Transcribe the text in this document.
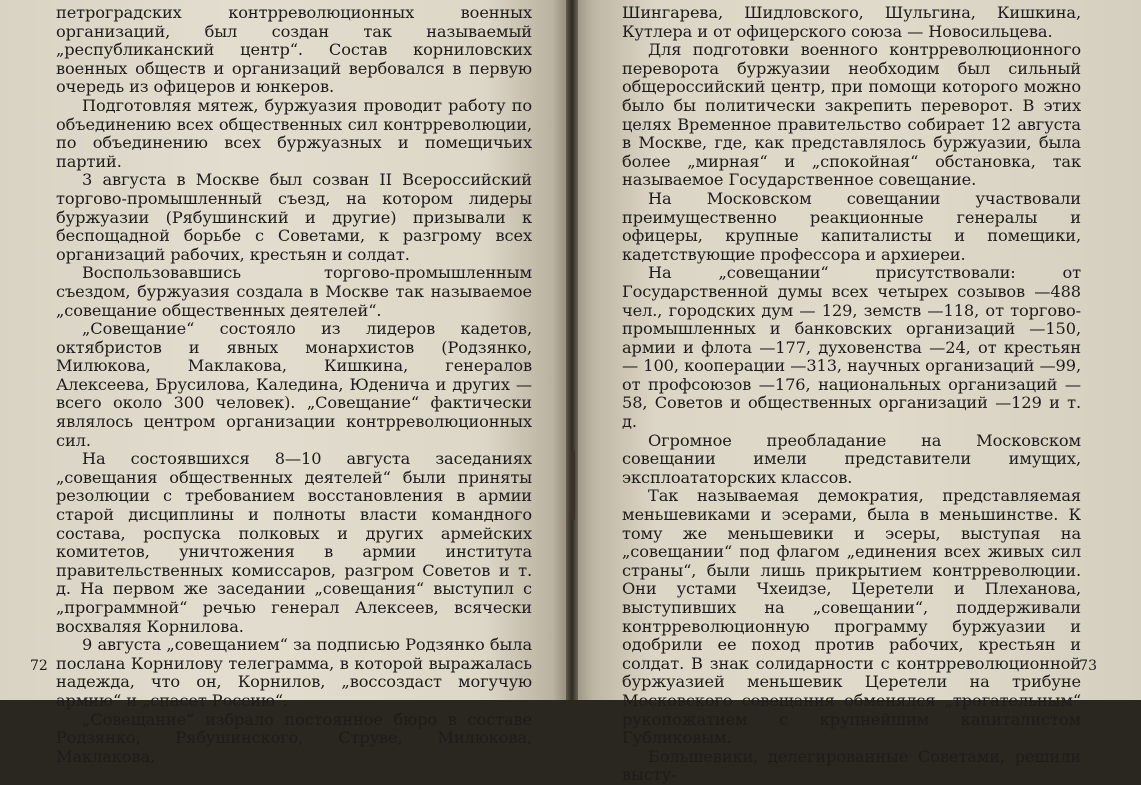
петроградских контрреволюционных военных организаций, был создан так называемый „республиканский центр“. Состав корниловских военных обществ и организаций вербовался в первую очередь из офицеров и юнкеров.

Подготовляя мятеж, буржуазия проводит работу по объединению всех общественных сил контрреволюции, по объединению всех буржуазных и помещичьих партий.

3 августа в Москве был созван II Всероссийский торгово-промышленный съезд, на котором лидеры буржуазии (Рябушинский и другие) призывали к беспощадной борьбе с Советами, к разгрому всех организаций рабочих, крестьян и солдат.

Воспользовавшись торгово-промышленным съездом, буржуазия создала в Москве так называемое „совещание общественных деятелей“.

„Совещание“ состояло из лидеров кадетов, октябристов и явных монархистов (Родзянко, Милюкова, Маклакова, Кишкина, генералов Алексеева, Брусилова, Каледина, Юденича и других — всего около 300 человек). „Совещание“ фактически являлось центром организации контрреволюционных сил.

На состоявшихся 8—10 августа заседаниях „совещания общественных деятелей“ были приняты резолюции с требованием восстановления в армии старой дисциплины и полноты власти командного состава, роспуска полковых и других армейских комитетов, уничтожения в армии института правительственных комиссаров, разгром Советов и т. д. На первом же заседании „совещания“ выступил с „программной“ речью генерал Алексеев, всячески восхваляя Корнилова.

9 августа „совещанием“ за подписью Родзянко была послана Корнилову телеграмма, в которой выражалась надежда, что он, Корнилов, „воссоздаст могучую армию“ и „спасет Россию“.

„Совещание“ избрало постоянное бюро в составе Родзянко, Рябушинского, Струве, Милюкова, Маклакова,

72

Шингарева, Шидловского, Шульгина, Кишкина, Кутлера и от офицерского союза — Новосильцева.

Для подготовки военного контрреволюционного переворота буржуазии необходим был сильный общероссийский центр, при помощи которого можно было бы политически закрепить переворот. В этих целях Временное правительство собирает 12 августа в Москве, где, как представлялось буржуазии, была более „мирная“ и „спокойная“ обстановка, так называемое Государственное совещание.

На Московском совещании участвовали преимущественно реакционные генералы и офицеры, крупные капиталисты и помещики, кадетствующие профессора и архиереи.

На „совещании“ присутствовали: от Государственной думы всех четырех созывов —488 чел., городских дум — 129, земств —118, от торгово-промышленных и банковских организаций —150, армии и флота —177, духовенства —24, от крестьян — 100, кооперации —313, научных организаций —99, от профсоюзов —176, национальных организаций —58, Советов и общественных организаций —129 и т. д.

Огромное преобладание на Московском совещании имели представители имущих, эксплоататорских классов.

Так называемая демократия, представляемая меньшевиками и эсерами, была в меньшинстве. К тому же меньшевики и эсеры, выступая на „совещании“ под флагом „единения всех живых сил страны“, были лишь прикрытием контрреволюции. Они устами Чхеидзе, Церетели и Плеханова, выступивших на „совещании“, поддерживали контрреволюционную программу буржуазии и одобрили ее поход против рабочих, крестьян и солдат. В знак солидарности с контрреволюционной буржуазией меньшевик Церетели на трибуне Московского совещания обменялся „трогательным“ рукопожатием с крупнейшим капиталистом Губликовым.

Большевики, делегированные Советами, решили высту-

73
